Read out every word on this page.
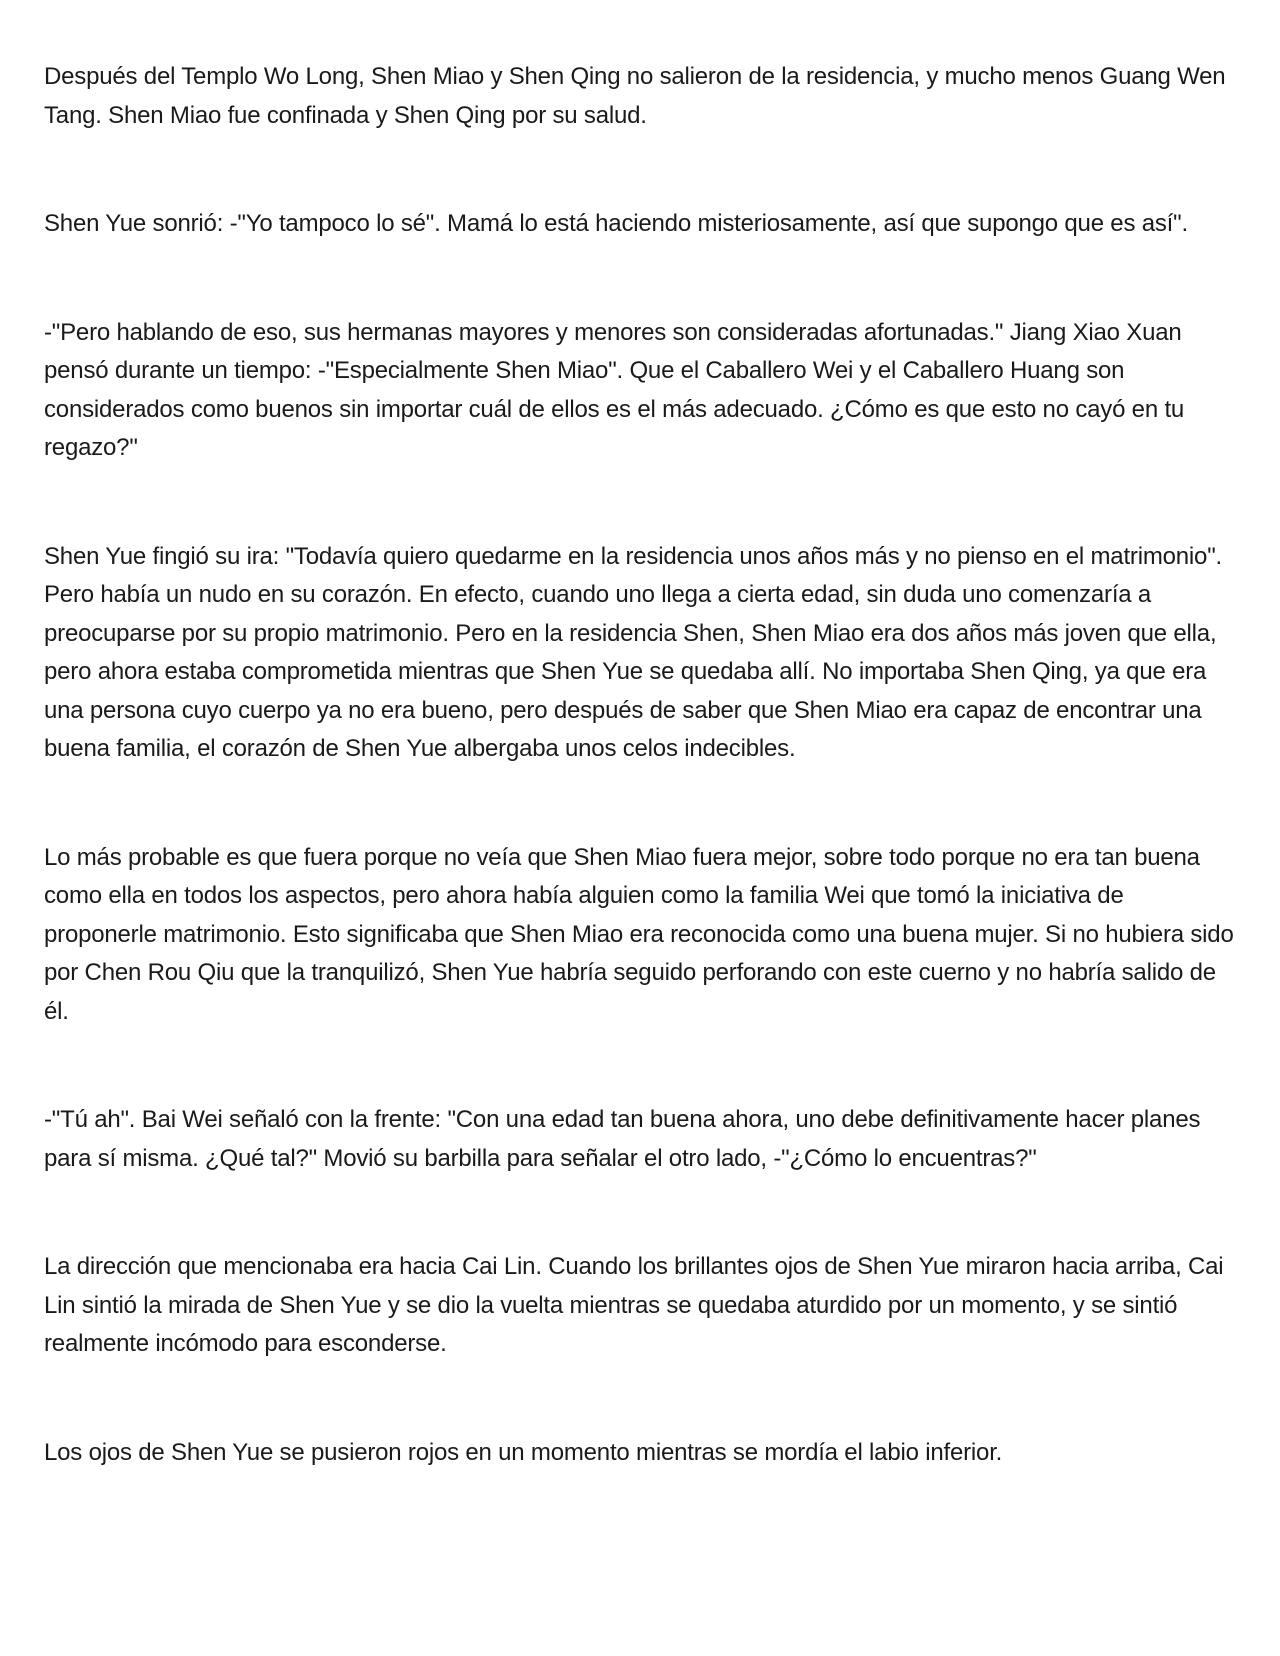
Después del Templo Wo Long, Shen Miao y Shen Qing no salieron de la residencia, y mucho menos Guang Wen Tang. Shen Miao fue confinada y Shen Qing por su salud.

Shen Yue sonrió: -"Yo tampoco lo sé". Mamá lo está haciendo misteriosamente, así que supongo que es así".

-"Pero hablando de eso, sus hermanas mayores y menores son consideradas afortunadas." Jiang Xiao Xuan pensó durante un tiempo: -"Especialmente Shen Miao". Que el Caballero Wei y el Caballero Huang son considerados como buenos sin importar cuál de ellos es el más adecuado. ¿Cómo es que esto no cayó en tu regazo?"

Shen Yue fingió su ira: "Todavía quiero quedarme en la residencia unos años más y no pienso en el matrimonio". Pero había un nudo en su corazón. En efecto, cuando uno llega a cierta edad, sin duda uno comenzaría a preocuparse por su propio matrimonio. Pero en la residencia Shen, Shen Miao era dos años más joven que ella, pero ahora estaba comprometida mientras que Shen Yue se quedaba allí. No importaba Shen Qing, ya que era una persona cuyo cuerpo ya no era bueno, pero después de saber que Shen Miao era capaz de encontrar una buena familia, el corazón de Shen Yue albergaba unos celos indecibles.

Lo más probable es que fuera porque no veía que Shen Miao fuera mejor, sobre todo porque no era tan buena como ella en todos los aspectos, pero ahora había alguien como la familia Wei que tomó la iniciativa de proponerle matrimonio. Esto significaba que Shen Miao era reconocida como una buena mujer. Si no hubiera sido por Chen Rou Qiu que la tranquilizó, Shen Yue habría seguido perforando con este cuerno y no habría salido de él.

-"Tú ah". Bai Wei señaló con la frente: "Con una edad tan buena ahora, uno debe definitivamente hacer planes para sí misma. ¿Qué tal?" Movió su barbilla para señalar el otro lado, -"¿Cómo lo encuentras?"

La dirección que mencionaba era hacia Cai Lin. Cuando los brillantes ojos de Shen Yue miraron hacia arriba, Cai Lin sintió la mirada de Shen Yue y se dio la vuelta mientras se quedaba aturdido por un momento, y se sintió realmente incómodo para esconderse.

Los ojos de Shen Yue se pusieron rojos en un momento mientras se mordía el labio inferior.
